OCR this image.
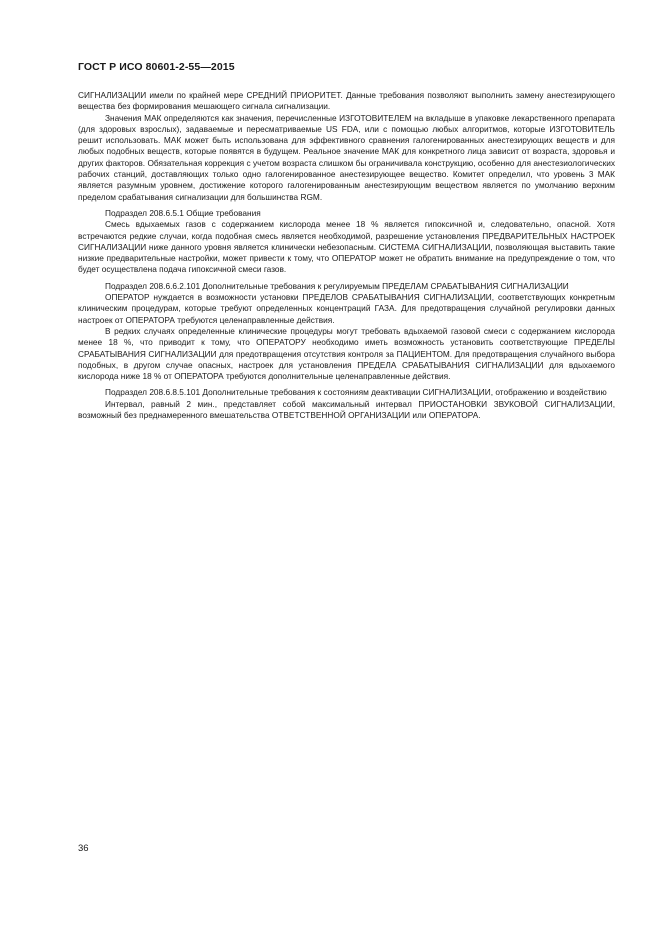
ГОСТ Р ИСО 80601-2-55—2015

СИГНАЛИЗАЦИИ имели по крайней мере СРЕДНИЙ ПРИОРИТЕТ. Данные требования позволяют выполнить замену анестезирующего вещества без формирования мешающего сигнала сигнализации.

Значения МАК определяются как значения, перечисленные ИЗГОТОВИТЕЛЕМ на вкладыше в упаковке лекарственного препарата (для здоровых взрослых), задаваемые и пересматриваемые US FDA, или с помощью любых алгоритмов, которые ИЗГОТОВИТЕЛЬ решит использовать. МАК может быть использована для эффективного сравнения галогенированных анестезирующих веществ и для любых подобных веществ, которые появятся в будущем. Реальное значение МАК для конкретного лица зависит от возраста, здоровья и других факторов. Обязательная коррекция с учетом возраста слишком бы ограничивала конструкцию, особенно для анестезиологических рабочих станций, доставляющих только одно галогенированное анестезирующее вещество. Комитет определил, что уровень 3 МАК является разумным уровнем, достижение которого галогенированным анестезирующим веществом является по умолчанию верхним пределом срабатывания сигнализации для большинства RGM.

Подраздел 208.6.5.1 Общие требования

Смесь вдыхаемых газов с содержанием кислорода менее 18 % является гипоксичной и, следовательно, опасной. Хотя встречаются редкие случаи, когда подобная смесь является необходимой, разрешение установления ПРЕДВАРИТЕЛЬНЫХ НАСТРОЕК СИГНАЛИЗАЦИИ ниже данного уровня является клинически небезопасным. СИСТЕМА СИГНАЛИЗАЦИИ, позволяющая выставить такие низкие предварительные настройки, может привести к тому, что ОПЕРАТОР может не обратить внимание на предупреждение о том, что будет осуществлена подача гипоксичной смеси газов.

Подраздел 208.6.6.2.101 Дополнительные требования к регулируемым ПРЕДЕЛАМ СРАБАТЫВАНИЯ СИГНАЛИЗАЦИИ

ОПЕРАТОР нуждается в возможности установки ПРЕДЕЛОВ СРАБАТЫВАНИЯ СИГНАЛИЗАЦИИ, соответствующих конкретным клиническим процедурам, которые требуют определенных концентраций ГАЗА. Для предотвращения случайной регулировки данных настроек от ОПЕРАТОРА требуются целенаправленные действия.

В редких случаях определенные клинические процедуры могут требовать вдыхаемой газовой смеси с содержанием кислорода менее 18 %, что приводит к тому, что ОПЕРАТОРУ необходимо иметь возможность установить соответствующие ПРЕДЕЛЫ СРАБАТЫВАНИЯ СИГНАЛИЗАЦИИ для предотвращения отсутствия контроля за ПАЦИЕНТОМ. Для предотвращения случайного выбора подобных, в другом случае опасных, настроек для установления ПРЕДЕЛА СРАБАТЫВАНИЯ СИГНАЛИЗАЦИИ для вдыхаемого кислорода ниже 18 % от ОПЕРАТОРА требуются дополнительные целенаправленные действия.

Подраздел 208.6.8.5.101 Дополнительные требования к состояниям деактивации СИГНАЛИЗАЦИИ, отображению и воздействию

Интервал, равный 2 мин., представляет собой максимальный интервал ПРИОСТАНОВКИ ЗВУКОВОЙ СИГНАЛИЗАЦИИ, возможный без преднамеренного вмешательства ОТВЕТСТВЕННОЙ ОРГАНИЗАЦИИ или ОПЕРАТОРА.

36
